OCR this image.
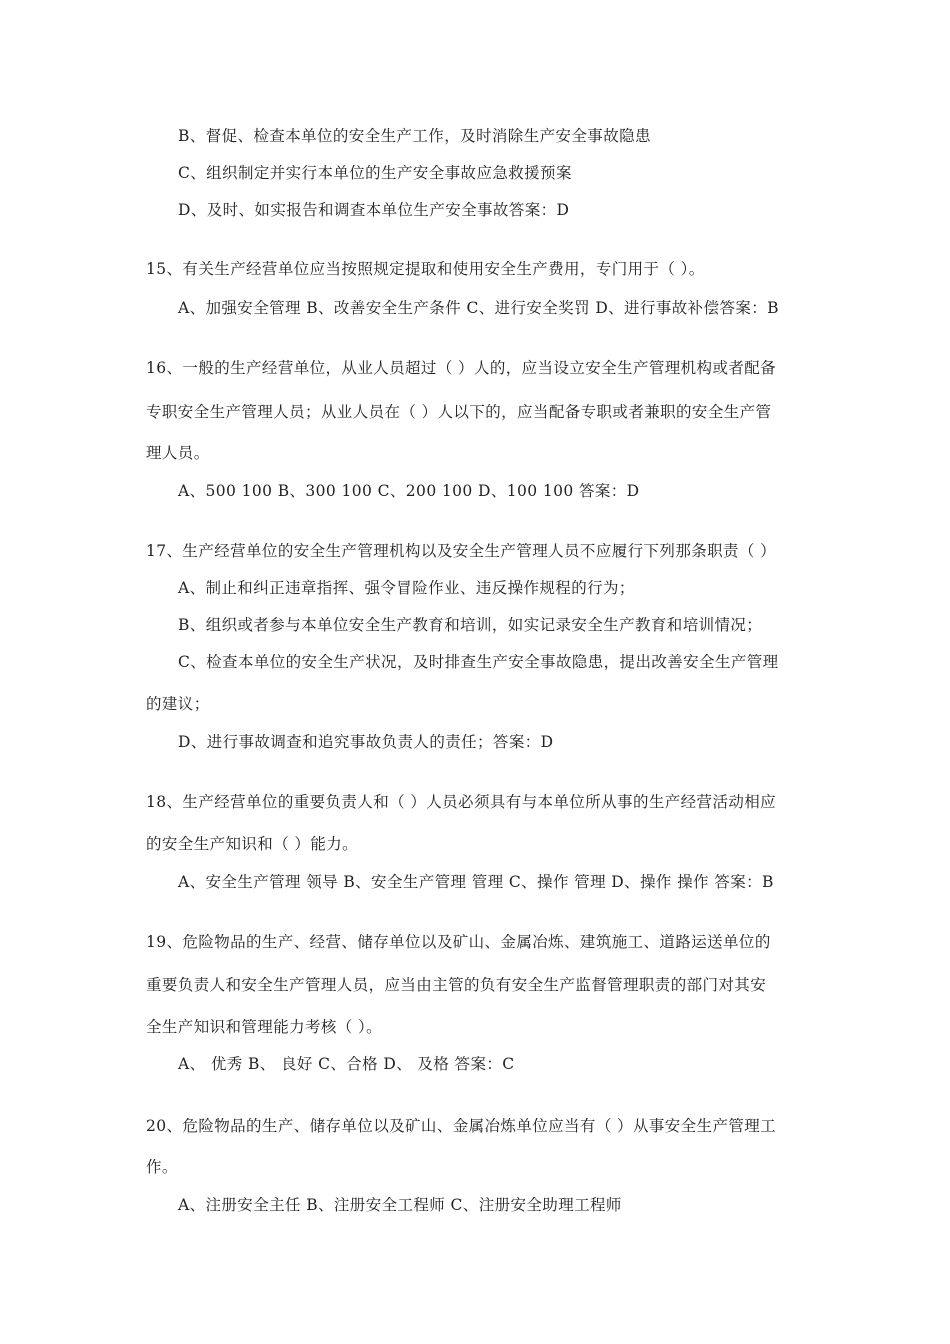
B、督促、检查本单位的安全生产工作，及时消除生产安全事故隐患
C、组织制定并实行本单位的生产安全事故应急救援预案
D、及时、如实报告和调查本单位生产安全事故答案：D
15、有关生产经营单位应当按照规定提取和使用安全生产费用，专门用于（ ）。
A、加强安全管理 B、改善安全生产条件 C、进行安全奖罚 D、进行事故补偿答案：B
16、一般的生产经营单位，从业人员超过（ ）人的，应当设立安全生产管理机构或者配备
专职安全生产管理人员；从业人员在（ ）人以下的，应当配备专职或者兼职的安全生产管
理人员。
A、500 100 B、300 100 C、200 100 D、100 100 答案：D
17、生产经营单位的安全生产管理机构以及安全生产管理人员不应履行下列那条职责（ ）
A、制止和纠正违章指挥、强令冒险作业、违反操作规程的行为；
B、组织或者参与本单位安全生产教育和培训，如实记录安全生产教育和培训情况；
C、检查本单位的安全生产状况，及时排查生产安全事故隐患，提出改善安全生产管理
的建议；
D、进行事故调查和追究事故负责人的责任；答案：D
18、生产经营单位的重要负责人和（ ）人员必须具有与本单位所从事的生产经营活动相应
的安全生产知识和（ ）能力。
A、安全生产管理 领导 B、安全生产管理 管理 C、操作 管理 D、操作 操作 答案：B
19、危险物品的生产、经营、储存单位以及矿山、金属冶炼、建筑施工、道路运送单位的
重要负责人和安全生产管理人员，应当由主管的负有安全生产监督管理职责的部门对其安
全生产知识和管理能力考核（ ）。
A、 优秀 B、 良好 C、合格 D、 及格 答案：C
20、危险物品的生产、储存单位以及矿山、金属冶炼单位应当有（ ）从事安全生产管理工
作。
A、注册安全主任 B、注册安全工程师 C、注册安全助理工程师
